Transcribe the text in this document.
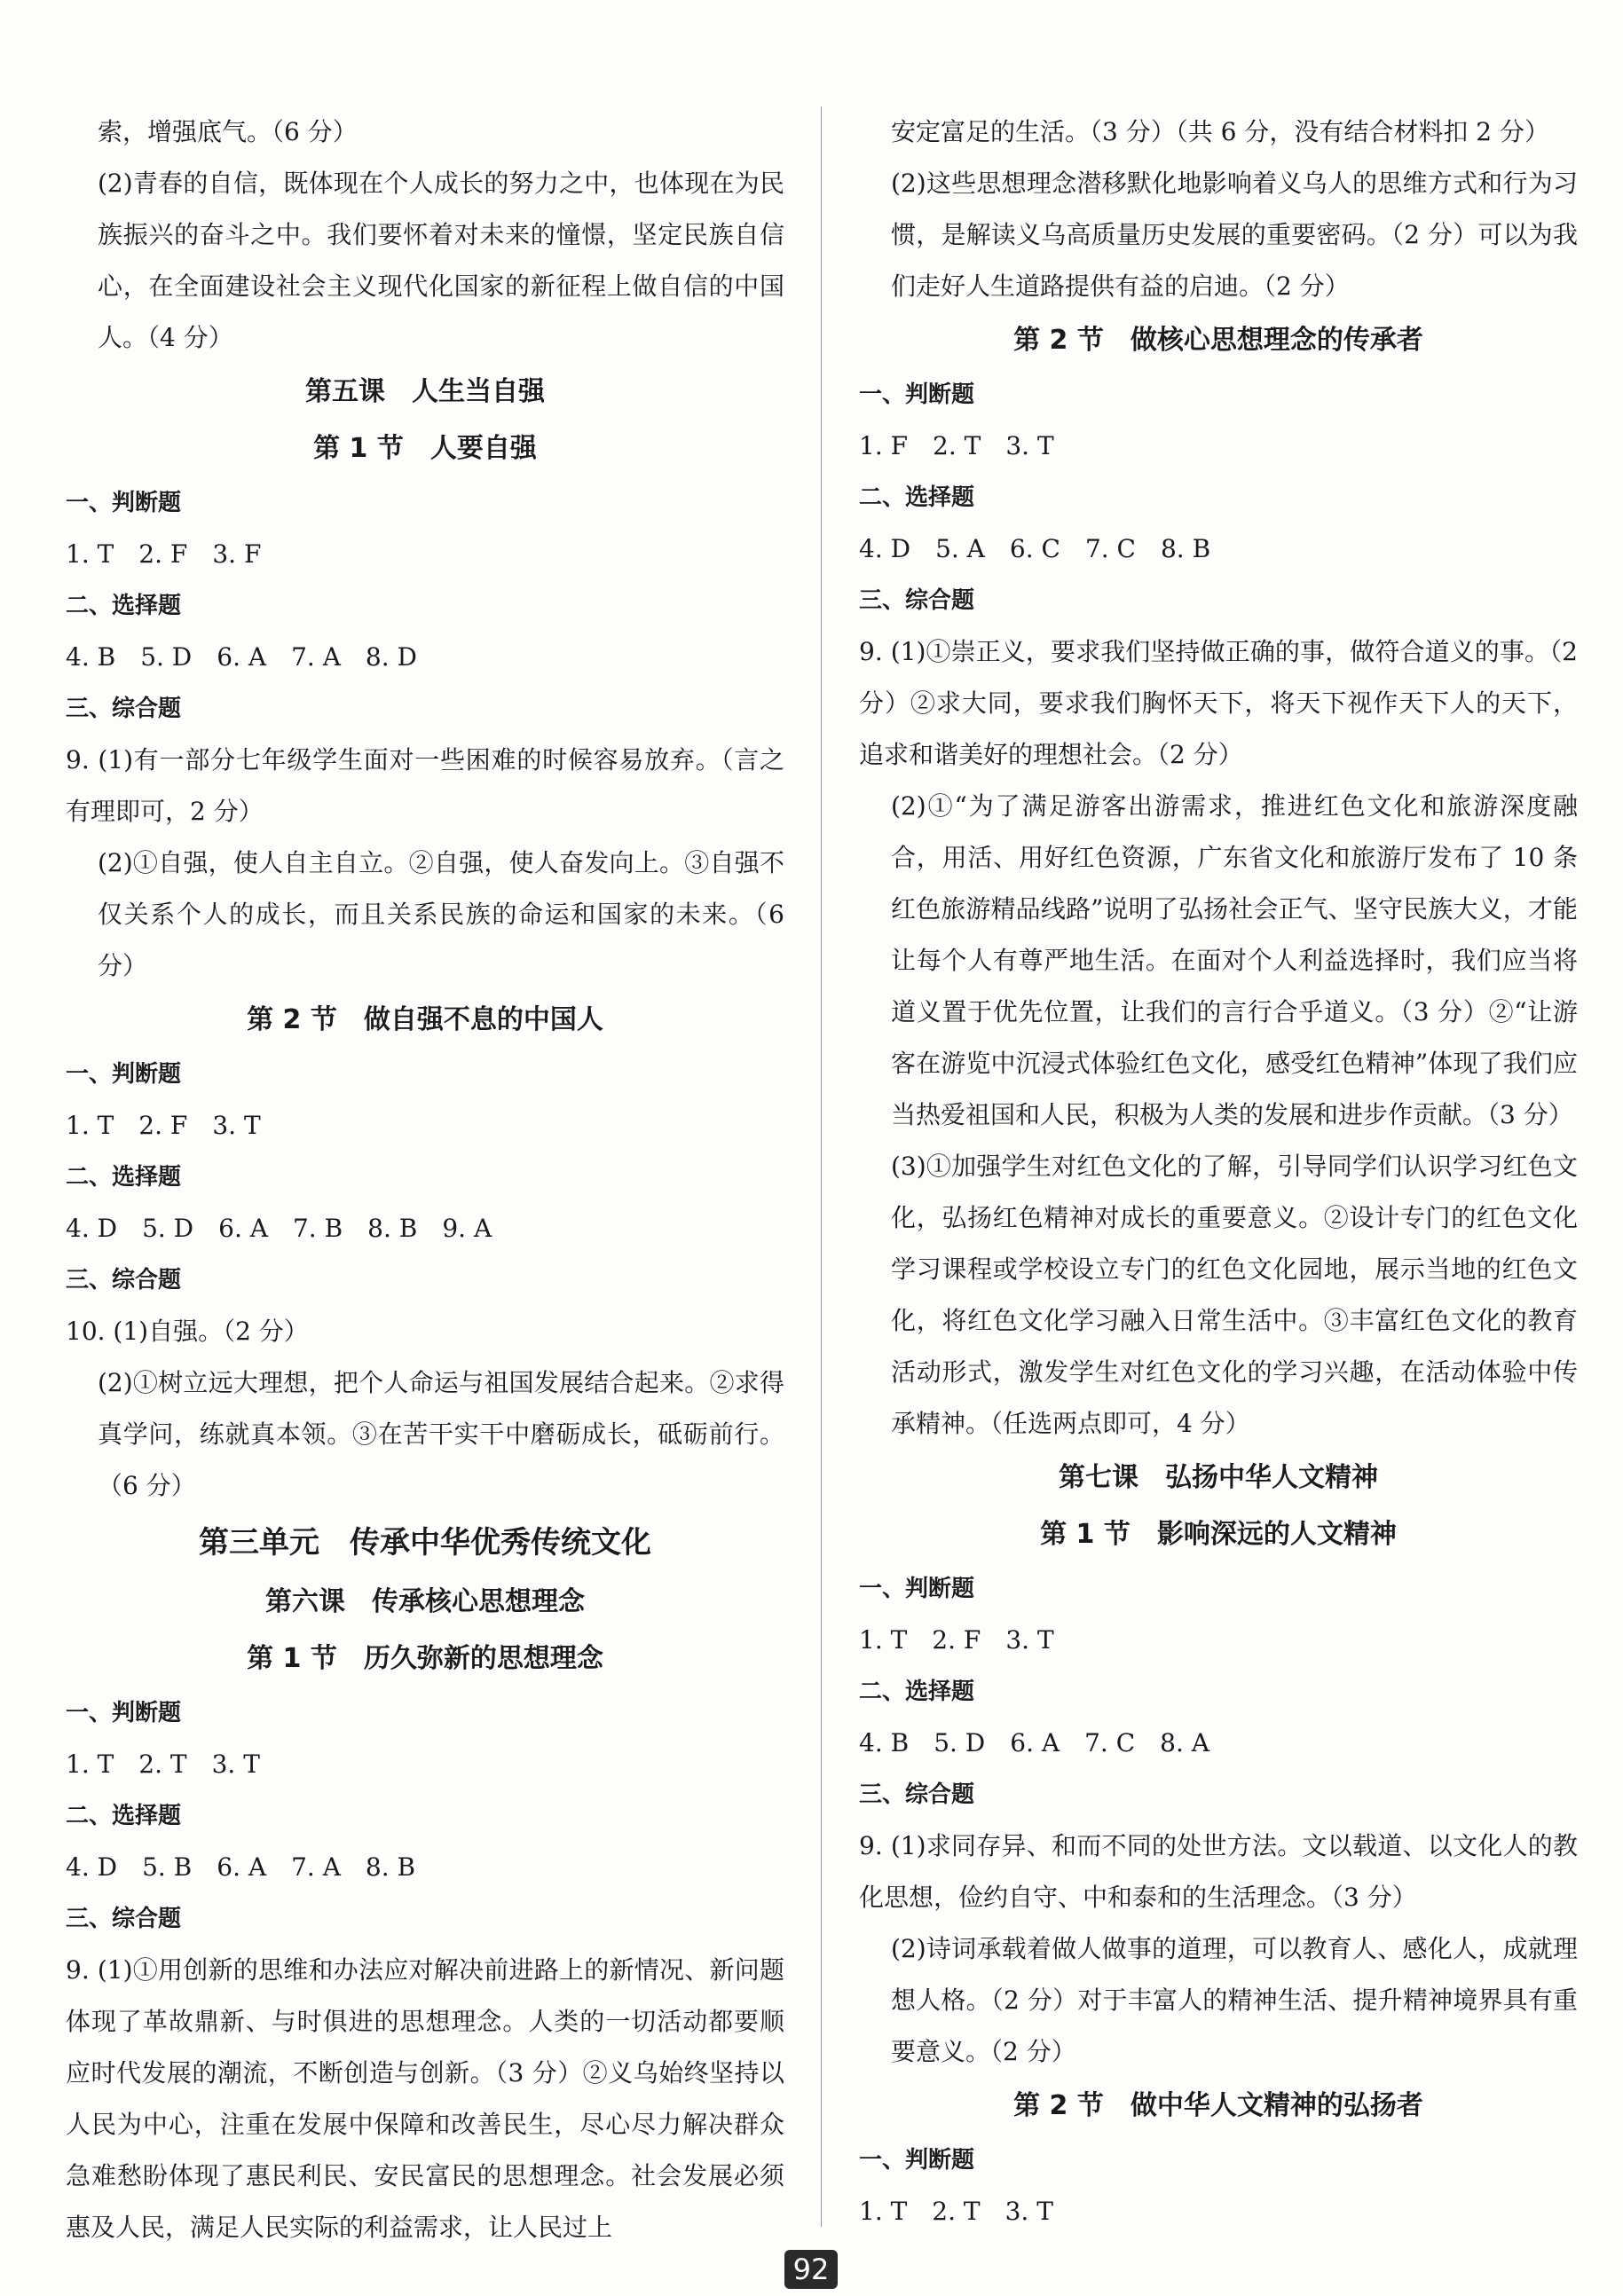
索，增强底气。（6 分）

(2)青春的自信，既体现在个人成长的努力之中，也体现在为民族振兴的奋斗之中。我们要怀着对未来的憧憬，坚定民族自信心，在全面建设社会主义现代化国家的新征程上做自信的中国人。（4 分）

第五课　人生当自强

第 1 节　人要自强

一、判断题

1. T　2. F　3. F

二、选择题

4. B　5. D　6. A　7. A　8. D

三、综合题

9. (1)有一部分七年级学生面对一些困难的时候容易放弃。（言之有理即可，2 分）

(2)①自强，使人自主自立。②自强，使人奋发向上。③自强不仅关系个人的成长，而且关系民族的命运和国家的未来。（6 分）

第 2 节　做自强不息的中国人

一、判断题

1. T　2. F　3. T

二、选择题

4. D　5. D　6. A　7. B　8. B　9. A

三、综合题

10. (1)自强。（2 分）

(2)①树立远大理想，把个人命运与祖国发展结合起来。②求得真学问，练就真本领。③在苦干实干中磨砺成长，砥砺前行。（6 分）

第三单元　传承中华优秀传统文化

第六课　传承核心思想理念

第 1 节　历久弥新的思想理念

一、判断题

1. T　2. T　3. T

二、选择题

4. D　5. B　6. A　7. A　8. B

三、综合题

9. (1)①用创新的思维和办法应对解决前进路上的新情况、新问题体现了革故鼎新、与时俱进的思想理念。人类的一切活动都要顺应时代发展的潮流，不断创造与创新。（3 分）②义乌始终坚持以人民为中心，注重在发展中保障和改善民生，尽心尽力解决群众急难愁盼体现了惠民利民、安民富民的思想理念。社会发展必须惠及人民，满足人民实际的利益需求，让人民过上

安定富足的生活。（3 分）（共 6 分，没有结合材料扣 2 分）

(2)这些思想理念潜移默化地影响着义乌人的思维方式和行为习惯，是解读义乌高质量历史发展的重要密码。（2 分）可以为我们走好人生道路提供有益的启迪。（2 分）

第 2 节　做核心思想理念的传承者

一、判断题

1. F　2. T　3. T

二、选择题

4. D　5. A　6. C　7. C　8. B

三、综合题

9. (1)①崇正义，要求我们坚持做正确的事，做符合道义的事。（2 分）②求大同，要求我们胸怀天下，将天下视作天下人的天下，追求和谐美好的理想社会。（2 分）

(2)①“为了满足游客出游需求，推进红色文化和旅游深度融合，用活、用好红色资源，广东省文化和旅游厅发布了 10 条红色旅游精品线路”说明了弘扬社会正气、坚守民族大义，才能让每个人有尊严地生活。在面对个人利益选择时，我们应当将道义置于优先位置，让我们的言行合乎道义。（3 分）②“让游客在游览中沉浸式体验红色文化，感受红色精神”体现了我们应当热爱祖国和人民，积极为人类的发展和进步作贡献。（3 分）

(3)①加强学生对红色文化的了解，引导同学们认识学习红色文化，弘扬红色精神对成长的重要意义。②设计专门的红色文化学习课程或学校设立专门的红色文化园地，展示当地的红色文化，将红色文化学习融入日常生活中。③丰富红色文化的教育活动形式，激发学生对红色文化的学习兴趣，在活动体验中传承精神。（任选两点即可，4 分）

第七课　弘扬中华人文精神

第 1 节　影响深远的人文精神

一、判断题

1. T　2. F　3. T

二、选择题

4. B　5. D　6. A　7. C　8. A

三、综合题

9. (1)求同存异、和而不同的处世方法。文以载道、以文化人的教化思想，俭约自守、中和泰和的生活理念。（3 分）

(2)诗词承载着做人做事的道理，可以教育人、感化人，成就理想人格。（2 分）对于丰富人的精神生活、提升精神境界具有重要意义。（2 分）

第 2 节　做中华人文精神的弘扬者

一、判断题

1. T　2. T　3. T

92
